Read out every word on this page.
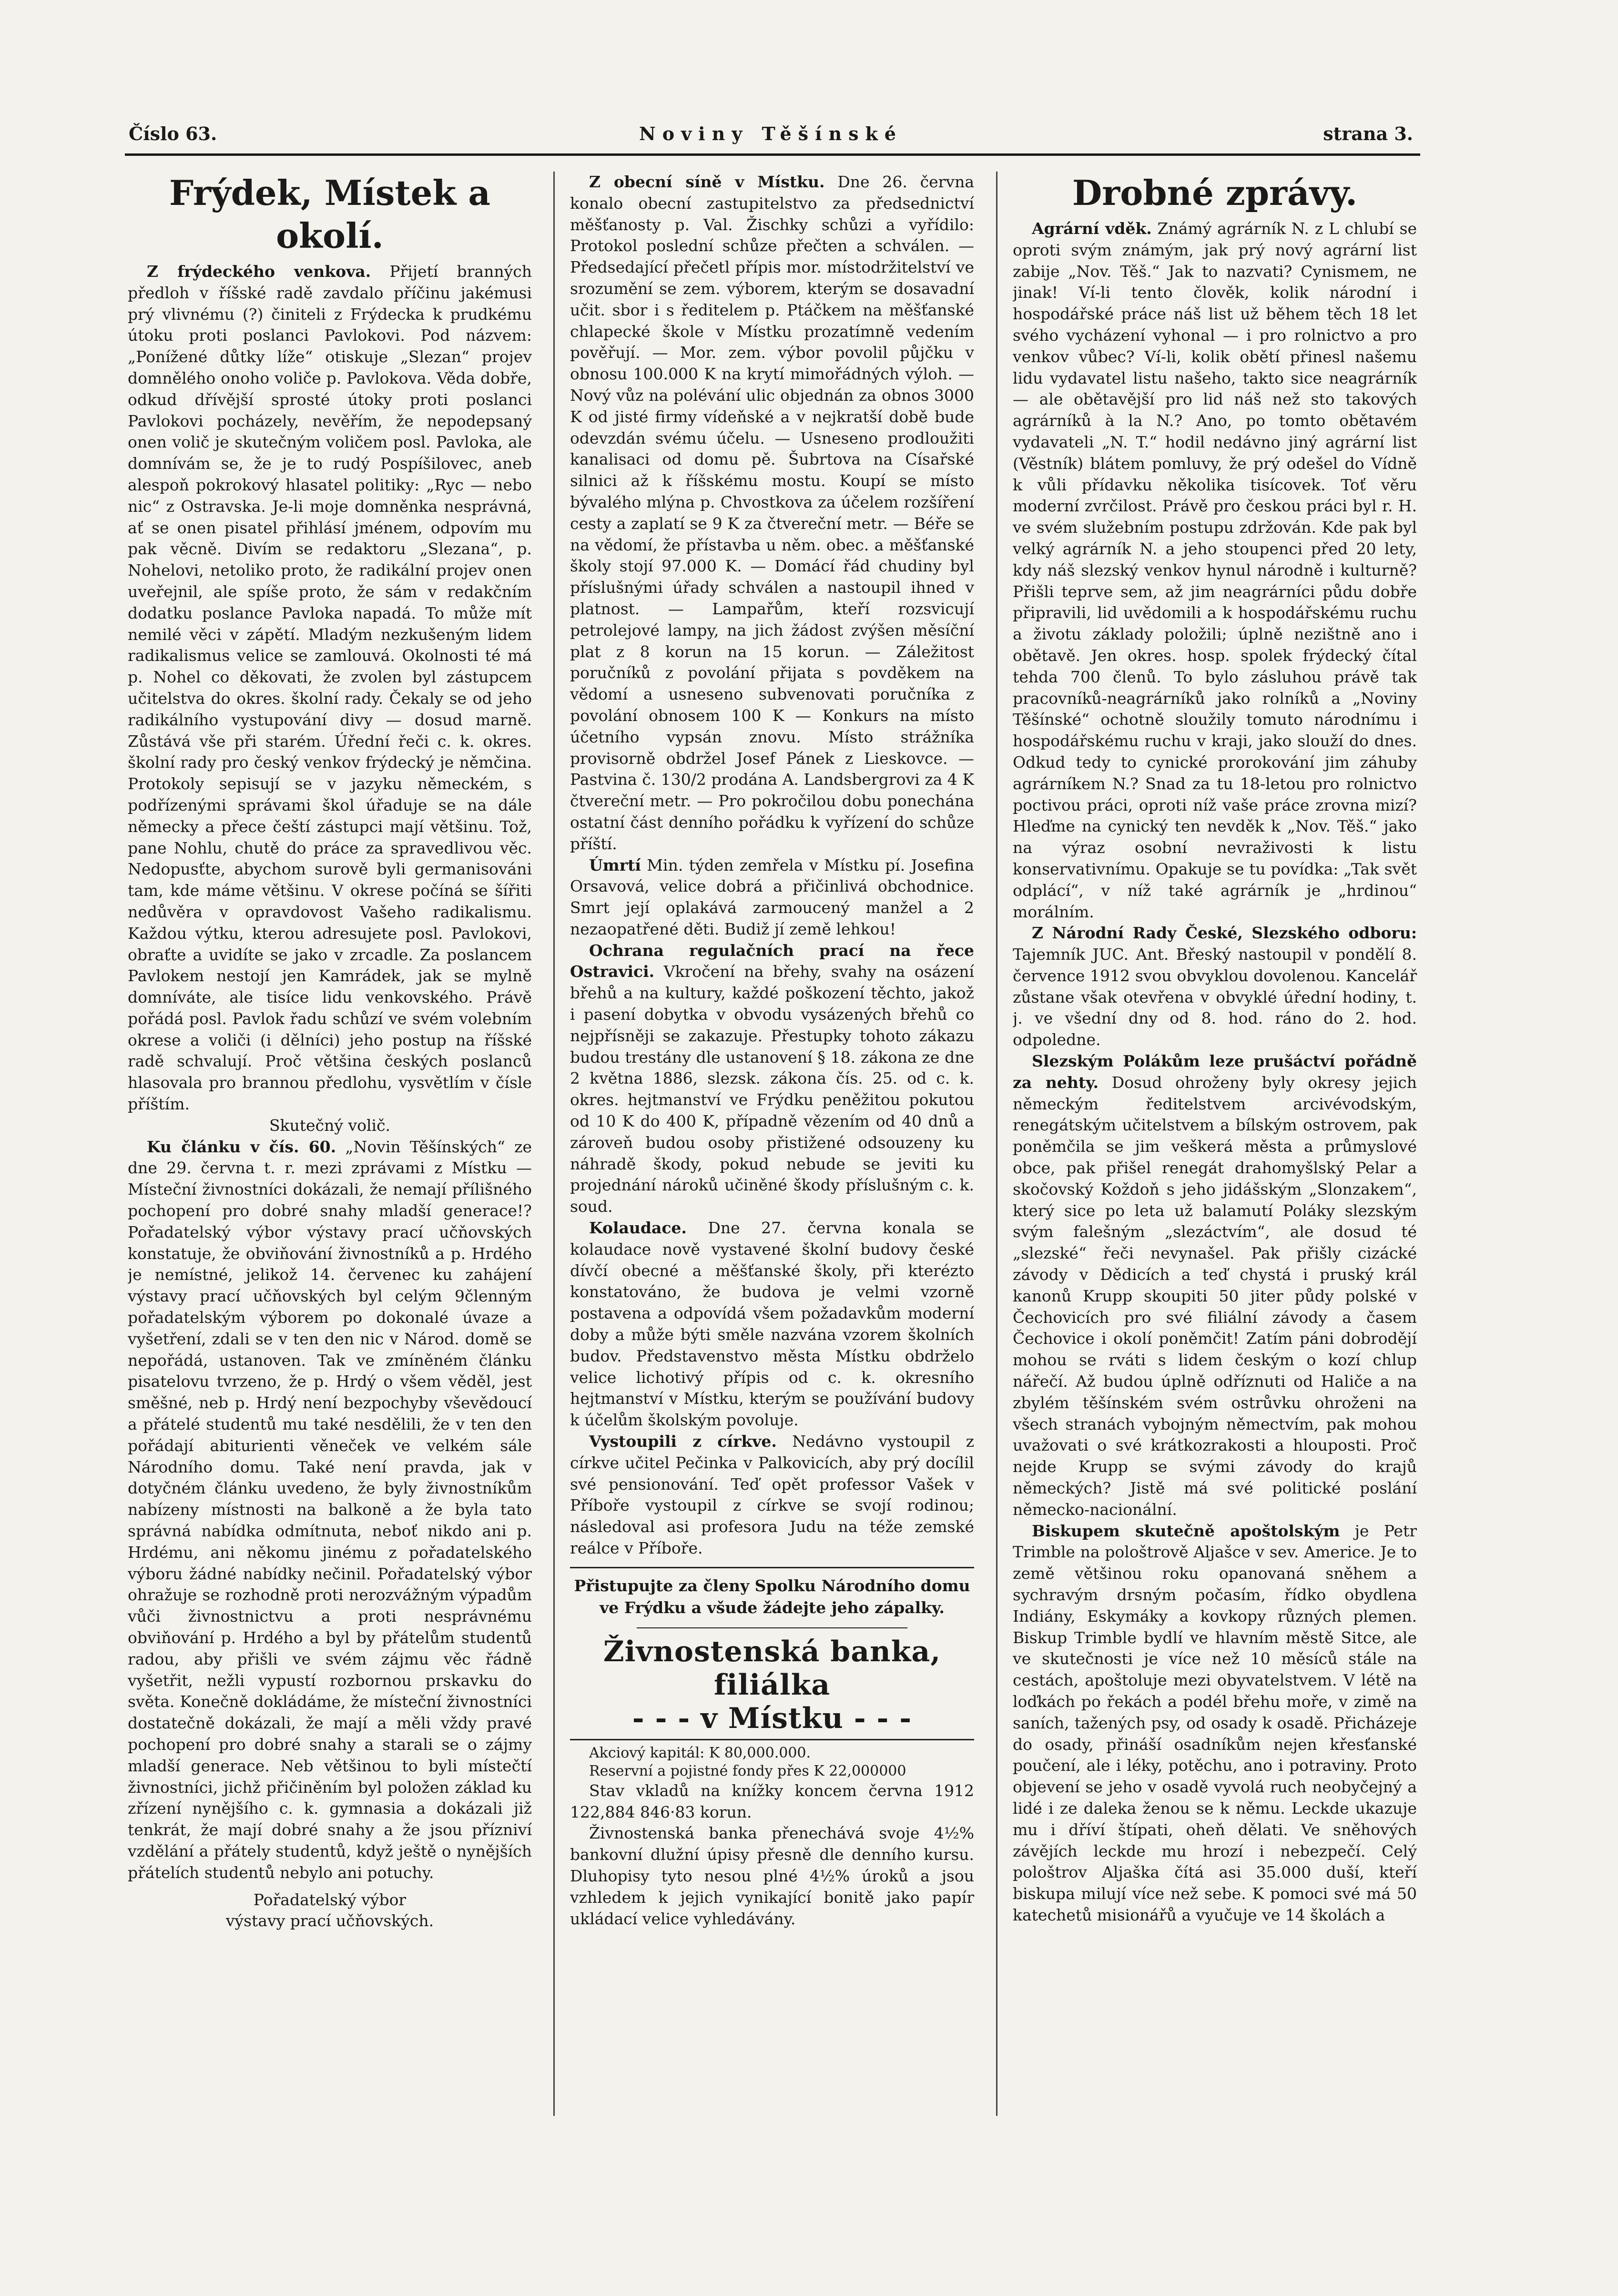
Číslo 63.	Noviny Těšínské	strana 3.
Frýdek, Místek a okolí.

Z frýdeckého venkova. Přijetí branných předloh v říšské radě zavdalo příčinu jakémusi prý vlivnému (?) činiteli z Frýdecka k prudkému útoku proti poslanci Pavlokovi. Pod názvem: „Ponížené důtky líže“ otiskuje „Slezan“ projev domnělého onoho voliče p. Pavlokova. Věda dobře, odkud dřívější sprosté útoky proti poslanci Pavlokovi pocházely, nevěřím, že nepodepsaný onen volič je skutečným voličem posl. Pavloka, ale domnívám se, že je to rudý Pospíšilovec, aneb alespoň pokrokový hlasatel politiky: „Ryc — nebo nic“ z Ostravska. Je-li moje domněnka nesprávná, ať se onen pisatel přihlásí jménem, odpovím mu pak věcně. Divím se redaktoru „Slezana“, p. Nohelovi, netoliko proto, že radikální projev onen uveřejnil, ale spíše proto, že sám v redakčním dodatku poslance Pavloka napadá. To může mít nemilé věci v zápětí. Mladým nezkušeným lidem radikalismus velice se zamlouvá. Okolnosti té má p. Nohel co děkovati, že zvolen byl zástupcem učitelstva do okres. školní rady. Čekaly se od jeho radikálního vystupování divy — dosud marně. Zůstává vše při starém. Úřední řeči c. k. okres. školní rady pro český venkov frýdecký je němčina. Protokoly sepisují se v jazyku německém, s podřízenými správami škol úřaduje se na dále německy a přece čeští zástupci mají většinu. Tož, pane Nohlu, chutě do práce za spravedlivou věc. Nedopusťte, abychom surově byli germanisováni tam, kde máme většinu. V okrese počíná se šířiti nedůvěra v opravdovost Vašeho radikalismu. Každou výtku, kterou adresujete posl. Pavlokovi, obraťte a uvidíte se jako v zrcadle. Za poslancem Pavlokem nestojí jen Kamrádek, jak se mylně domníváte, ale tisíce lidu venkovského. Právě pořádá posl. Pavlok řadu schůzí ve svém volebním okrese a voliči (i dělníci) jeho postup na říšské radě schvalují. Proč většina českých poslanců hlasovala pro brannou předlohu, vysvětlím v čísle příštím.

Skutečný volič.

Ku článku v čís. 60. „Novin Těšínských“ ze dne 29. června t. r. mezi zprávami z Místku — Místeční živnostníci dokázali, že nemají přílišného pochopení pro dobré snahy mladší generace!? Pořadatelský výbor výstavy prací učňovských konstatuje, že obviňování živnostníků a p. Hrdého je nemístné, jelikož 14. červenec ku zahájení výstavy prací učňovských byl celým 9členným pořadatelským výborem po dokonalé úvaze a vyšetření, zdali se v ten den nic v Národ. domě se nepořádá, ustanoven. Tak ve zmíněném článku pisatelovu tvrzeno, že p. Hrdý o všem věděl, jest směšné, neb p. Hrdý není bezpochyby vševědoucí a přátelé studentů mu také nesdělili, že v ten den pořádají abiturienti věneček ve velkém sále Národního domu. Také není pravda, jak v dotyčném článku uvedeno, že byly živnostníkům nabízeny místnosti na balkoně a že byla tato správná nabídka odmítnuta, neboť nikdo ani p. Hrdému, ani někomu jinému z pořadatelského výboru žádné nabídky nečinil. Pořadatelský výbor ohražuje se rozhodně proti nerozvážným výpadům vůči živnostnictvu a proti nesprávnému obviňování p. Hrdého a byl by přátelům studentů radou, aby přišli ve svém zájmu věc řádně vyšetřit, nežli vypustí rozbornou prskavku do světa. Konečně dokládáme, že místeční živnostníci dostatečně dokázali, že mají a měli vždy pravé pochopení pro dobré snahy a starali se o zájmy mladší generace. Neb většinou to byli místečtí živnostníci, jichž přičiněním byl položen základ ku zřízení nynějšího c. k. gymnasia a dokázali již tenkrát, že mají dobré snahy a že jsou přízniví vzdělání a přátely studentů, když ještě o nynějších přátelích studentů nebylo ani potuchy.

Pořadatelský výbor

výstavy prací učňovských.

Z obecní síně v Místku. Dne 26. června konalo obecní zastupitelstvo za předsednictví měšťanosty p. Val. Žischky schůzi a vyřídilo: Protokol poslední schůze přečten a schválen. — Předsedající přečetl přípis mor. místodržitelství ve srozumění se zem. výborem, kterým se dosavadní učit. sbor i s ředitelem p. Ptáčkem na měšťanské chlapecké škole v Místku prozatímně vedením pověřují. — Mor. zem. výbor povolil půjčku v obnosu 100.000 K na krytí mimořádných výloh. — Nový vůz na polévání ulic objednán za obnos 3000 K od jisté firmy vídeňské a v nejkratší době bude odevzdán svému účelu. — Usneseno prodloužiti kanalisaci od domu pě. Šubrtova na Císařské silnici až k říšskému mostu. Koupí se místo bývalého mlýna p. Chvostkova za účelem rozšíření cesty a zaplatí se 9 K za čtvereční metr. — Béře se na vědomí, že přístavba u něm. obec. a měšťanské školy stojí 97.000 K. — Domácí řád chudiny byl příslušnými úřady schválen a nastoupil ihned v platnost. — Lampařům, kteří rozsvicují petrolejové lampy, na jich žádost zvýšen měsíční plat z 8 korun na 15 korun. — Záležitost poručníků z povolání přijata s povděkem na vědomí a usneseno subvenovati poručníka z povolání obnosem 100 K — Konkurs na místo účetního vypsán znovu. Místo strážníka provisorně obdržel Josef Pánek z Lieskovce. — Pastvina č. 130/2 prodána A. Landsbergrovi za 4 K čtvereční metr. — Pro pokročilou dobu ponechána ostatní část denního pořádku k vyřízení do schůze příští.

Úmrtí Min. týden zemřela v Místku pí. Josefina Orsavová, velice dobrá a přičinlivá obchodnice. Smrt její oplakává zarmoucený manžel a 2 nezaopatřené děti. Budiž jí země lehkou!

Ochrana regulačních prací na řece Ostravici. Vkročení na břehy, svahy na osázení břehů a na kultury, každé poškození těchto, jakož i pasení dobytka v obvodu vysázených břehů co nejpřísněji se zakazuje. Přestupky tohoto zákazu budou trestány dle ustanovení § 18. zákona ze dne 2 května 1886, slezsk. zákona čís. 25. od c. k. okres. hejtmanství ve Frýdku peněžitou pokutou od 10 K do 400 K, případně vězením od 40 dnů a zároveň budou osoby přistižené odsouzeny ku náhradě škody, pokud nebude se jeviti ku projednání nároků učiněné škody příslušným c. k. soud.

Kolaudace. Dne 27. června konala se kolaudace nově vystavené školní budovy české dívčí obecné a měšťanské školy, při kterézto konstatováno, že budova je velmi vzorně postavena a odpovídá všem požadavkům moderní doby a může býti směle nazvána vzorem školních budov. Představenstvo města Místku obdrželo velice lichotivý přípis od c. k. okresního hejtmanství v Místku, kterým se používání budovy k účelům školským povoluje.

Vystoupili z církve. Nedávno vystoupil z církve učitel Pečinka v Palkovicích, aby prý docílil své pensionování. Teď opět professor Vašek v Příboře vystoupil z církve se svojí rodinou; následoval asi profesora Judu na téže zemské reálce v Příboře.

Přistupujte za členy Spolku Národního domu ve Frýdku a všude žádejte jeho zápalky.
Živnostenská banka, filiálka
- - - v Místku - - -

Akciový kapitál: K 80,000.000.

Reservní a pojistné fondy přes K 22,000000

Stav vkladů na knížky koncem června 1912 122,884 846·83 korun.

Živnostenská banka přenechává svoje 4½% bankovní dlužní úpisy přesně dle denního kursu. Dluhopisy tyto nesou plné 4½% úroků a jsou vzhledem k jejich vynikající bonitě jako papír ukládací velice vyhledávány.

Drobné zprávy.

Agrární vděk. Známý agrárník N. z L chlubí se oproti svým známým, jak prý nový agrární list zabije „Nov. Těš.“ Jak to nazvati? Cynismem, ne jinak! Ví-li tento člověk, kolik národní i hospodářské práce náš list už během těch 18 let svého vycházení vyhonal — i pro rolnictvo a pro venkov vůbec? Ví-li, kolik obětí přinesl našemu lidu vydavatel listu našeho, takto sice neagrárník — ale obětavější pro lid náš než sto takových agrárníků à la N.? Ano, po tomto obětavém vydavateli „N. T.“ hodil nedávno jiný agrární list (Věstník) blátem pomluvy, že prý odešel do Vídně k vůli přídavku několika tisícovek. Toť věru moderní zvrčilost. Právě pro českou práci byl r. H. ve svém služebním postupu zdržován. Kde pak byl velký agrárník N. a jeho stoupenci před 20 lety, kdy náš slezský venkov hynul národně i kulturně? Přišli teprve sem, až jim neagrárníci půdu dobře připravili, lid uvědomili a k hospodářskému ruchu a životu základy položili; úplně nezištně ano i obětavě. Jen okres. hosp. spolek frýdecký čítal tehda 700 členů. To bylo zásluhou právě tak pracovníků-neagrárníků jako rolníků a „Noviny Těšínské“ ochotně sloužily tomuto národnímu i hospodářskému ruchu v kraji, jako slouží do dnes. Odkud tedy to cynické prorokování jim záhuby agrárníkem N.? Snad za tu 18-letou pro rolnictvo poctivou práci, oproti níž vaše práce zrovna mizí? Hleďme na cynický ten nevděk k „Nov. Těš.“ jako na výraz osobní nevraživosti k listu konservativnímu. Opakuje se tu povídka: „Tak svět odplácí“, v níž také agrárník je „hrdinou“ morálním.

Z Národní Rady České, Slezského odboru: Tajemník JUC. Ant. Břeský nastoupil v pondělí 8. července 1912 svou obvyklou dovolenou. Kancelář zůstane však otevřena v obvyklé úřední hodiny, t. j. ve všední dny od 8. hod. ráno do 2. hod. odpoledne.

Slezským Polákům leze prušáctví pořádně za nehty. Dosud ohroženy byly okresy jejich německým ředitelstvem arcivévodským, renegátským učitelstvem a bílským ostrovem, pak poněmčila se jim veškerá města a průmyslové obce, pak přišel renegát drahomyšlský Pelar a skočovský Koždoň s jeho jidášským „Slonzakem“, který sice po leta už balamutí Poláky slezským svým falešným „slezáctvím“, ale dosud té „slezské“ řeči nevynašel. Pak přišly cizácké závody v Dědicích a teď chystá i pruský král kanonů Krupp skoupiti 50 jiter půdy polské v Čechovicích pro své filiální závody a časem Čechovice i okolí poněmčit! Zatím páni dobrodějí mohou se rváti s lidem českým o kozí chlup nářečí. Až budou úplně odříznuti od Haliče a na zbylém těšínském svém ostrůvku ohroženi na všech stranách vybojným němectvím, pak mohou uvažovati o své krátkozrakosti a hlouposti. Proč nejde Krupp se svými závody do krajů německých? Jistě má své politické poslání německo-nacionální.

Biskupem skutečně apoštolským je Petr Trimble na pološtrově Aljašce v sev. Americe. Je to země většinou roku opanovaná sněhem a sychravým drsným počasím, řídko obydlena Indiány, Eskymáky a kovkopy různých plemen. Biskup Trimble bydlí ve hlavním městě Sitce, ale ve skutečnosti je více než 10 měsíců stále na cestách, apoštoluje mezi obyvatelstvem. V létě na loďkách po řekách a podél břehu moře, v zimě na saních, tažených psy, od osady k osadě. Přicházeje do osady, přináší osadníkům nejen křesťanské poučení, ale i léky, potěchu, ano i potraviny. Proto objevení se jeho v osadě vyvolá ruch neobyčejný a lidé i ze daleka ženou se k němu. Leckde ukazuje mu i dříví štípati, oheň dělati. Ve sněhových závějích leckde mu hrozí i nebezpečí. Celý pološtrov Aljaška čítá asi 35.000 duší, kteří biskupa milují více než sebe. K pomoci své má 50 katechetů misionářů a vyučuje ve 14 školách a
